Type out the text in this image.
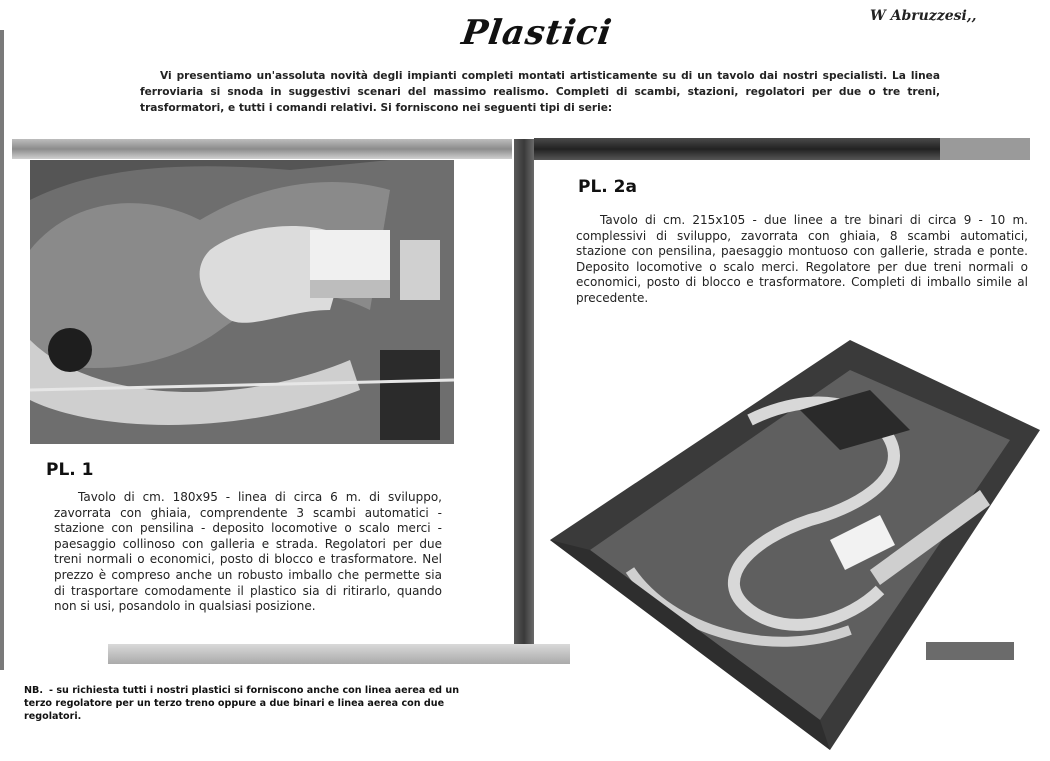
Plastici	W Abruzzesi,,
Vi presentiamo un'assoluta novità degli impianti completi montati artisticamente su di un tavolo dai nostri specialisti. La linea ferroviaria si snoda in suggestivi scenari del massimo realismo. Completi di scambi, stazioni, regolatori per due o tre treni, trasformatori, e tutti i comandi relativi. Si forniscono nei seguenti tipi di serie:
PL. 1
Tavolo di cm. 180x95 - linea di circa 6 m. di sviluppo, zavorrata con ghiaia, comprendente 3 scambi automatici - stazione con pensilina - deposito locomotive o scalo merci - paesaggio collinoso con galleria e strada. Regolatori per due treni normali o economici, posto di blocco e trasformatore. Nel prezzo è compreso anche un robusto imballo che permette sia di trasportare comodamente il plastico sia di ritirarlo, quando non si usi, posandolo in qualsiasi posizione.
PL. 2a
Tavolo di cm. 215x105 - due linee a tre binari di circa 9 - 10 m. complessivi di sviluppo, zavorrata con ghiaia, 8 scambi automatici, stazione con pensilina, paesaggio montuoso con gallerie, strada e ponte. Deposito locomotive o scalo merci. Regolatore per due treni normali o economici, posto di blocco e trasformatore. Completi di imballo simile al precedente.
NB. - su richiesta tutti i nostri plastici si forniscono anche con linea aerea ed un terzo regolatore per un terzo treno oppure a due binari e linea aerea con due regolatori.
